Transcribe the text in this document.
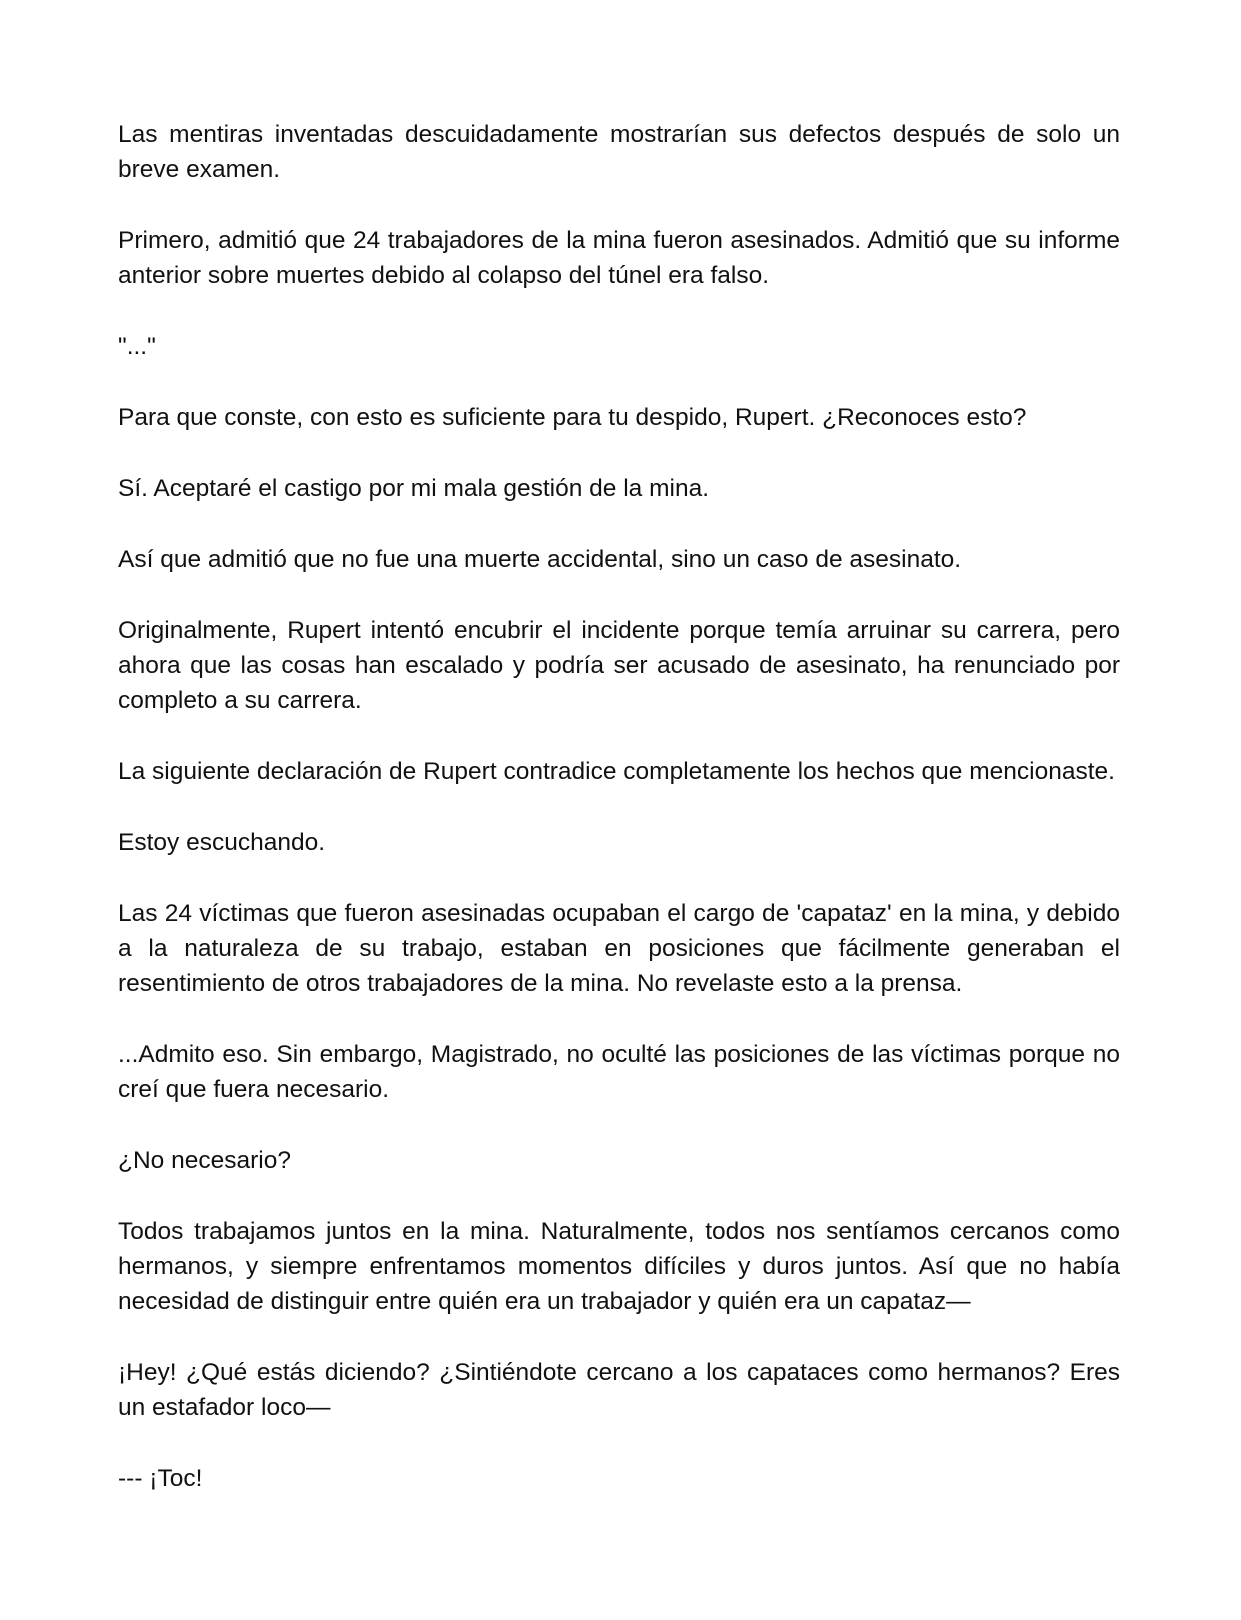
Las mentiras inventadas descuidadamente mostrarían sus defectos después de solo un breve examen.

Primero, admitió que 24 trabajadores de la mina fueron asesinados. Admitió que su informe anterior sobre muertes debido al colapso del túnel era falso.

"..."

Para que conste, con esto es suficiente para tu despido, Rupert. ¿Reconoces esto?

Sí. Aceptaré el castigo por mi mala gestión de la mina.

Así que admitió que no fue una muerte accidental, sino un caso de asesinato.

Originalmente, Rupert intentó encubrir el incidente porque temía arruinar su carrera, pero ahora que las cosas han escalado y podría ser acusado de asesinato, ha renunciado por completo a su carrera.

La siguiente declaración de Rupert contradice completamente los hechos que mencionaste.

Estoy escuchando.

Las 24 víctimas que fueron asesinadas ocupaban el cargo de 'capataz' en la mina, y debido a la naturaleza de su trabajo, estaban en posiciones que fácilmente generaban el resentimiento de otros trabajadores de la mina. No revelaste esto a la prensa.

...Admito eso. Sin embargo, Magistrado, no oculté las posiciones de las víctimas porque no creí que fuera necesario.

¿No necesario?

Todos trabajamos juntos en la mina. Naturalmente, todos nos sentíamos cercanos como hermanos, y siempre enfrentamos momentos difíciles y duros juntos. Así que no había necesidad de distinguir entre quién era un trabajador y quién era un capataz—

¡Hey! ¿Qué estás diciendo? ¿Sintiéndote cercano a los capataces como hermanos? Eres un estafador loco—

--- ¡Toc!
